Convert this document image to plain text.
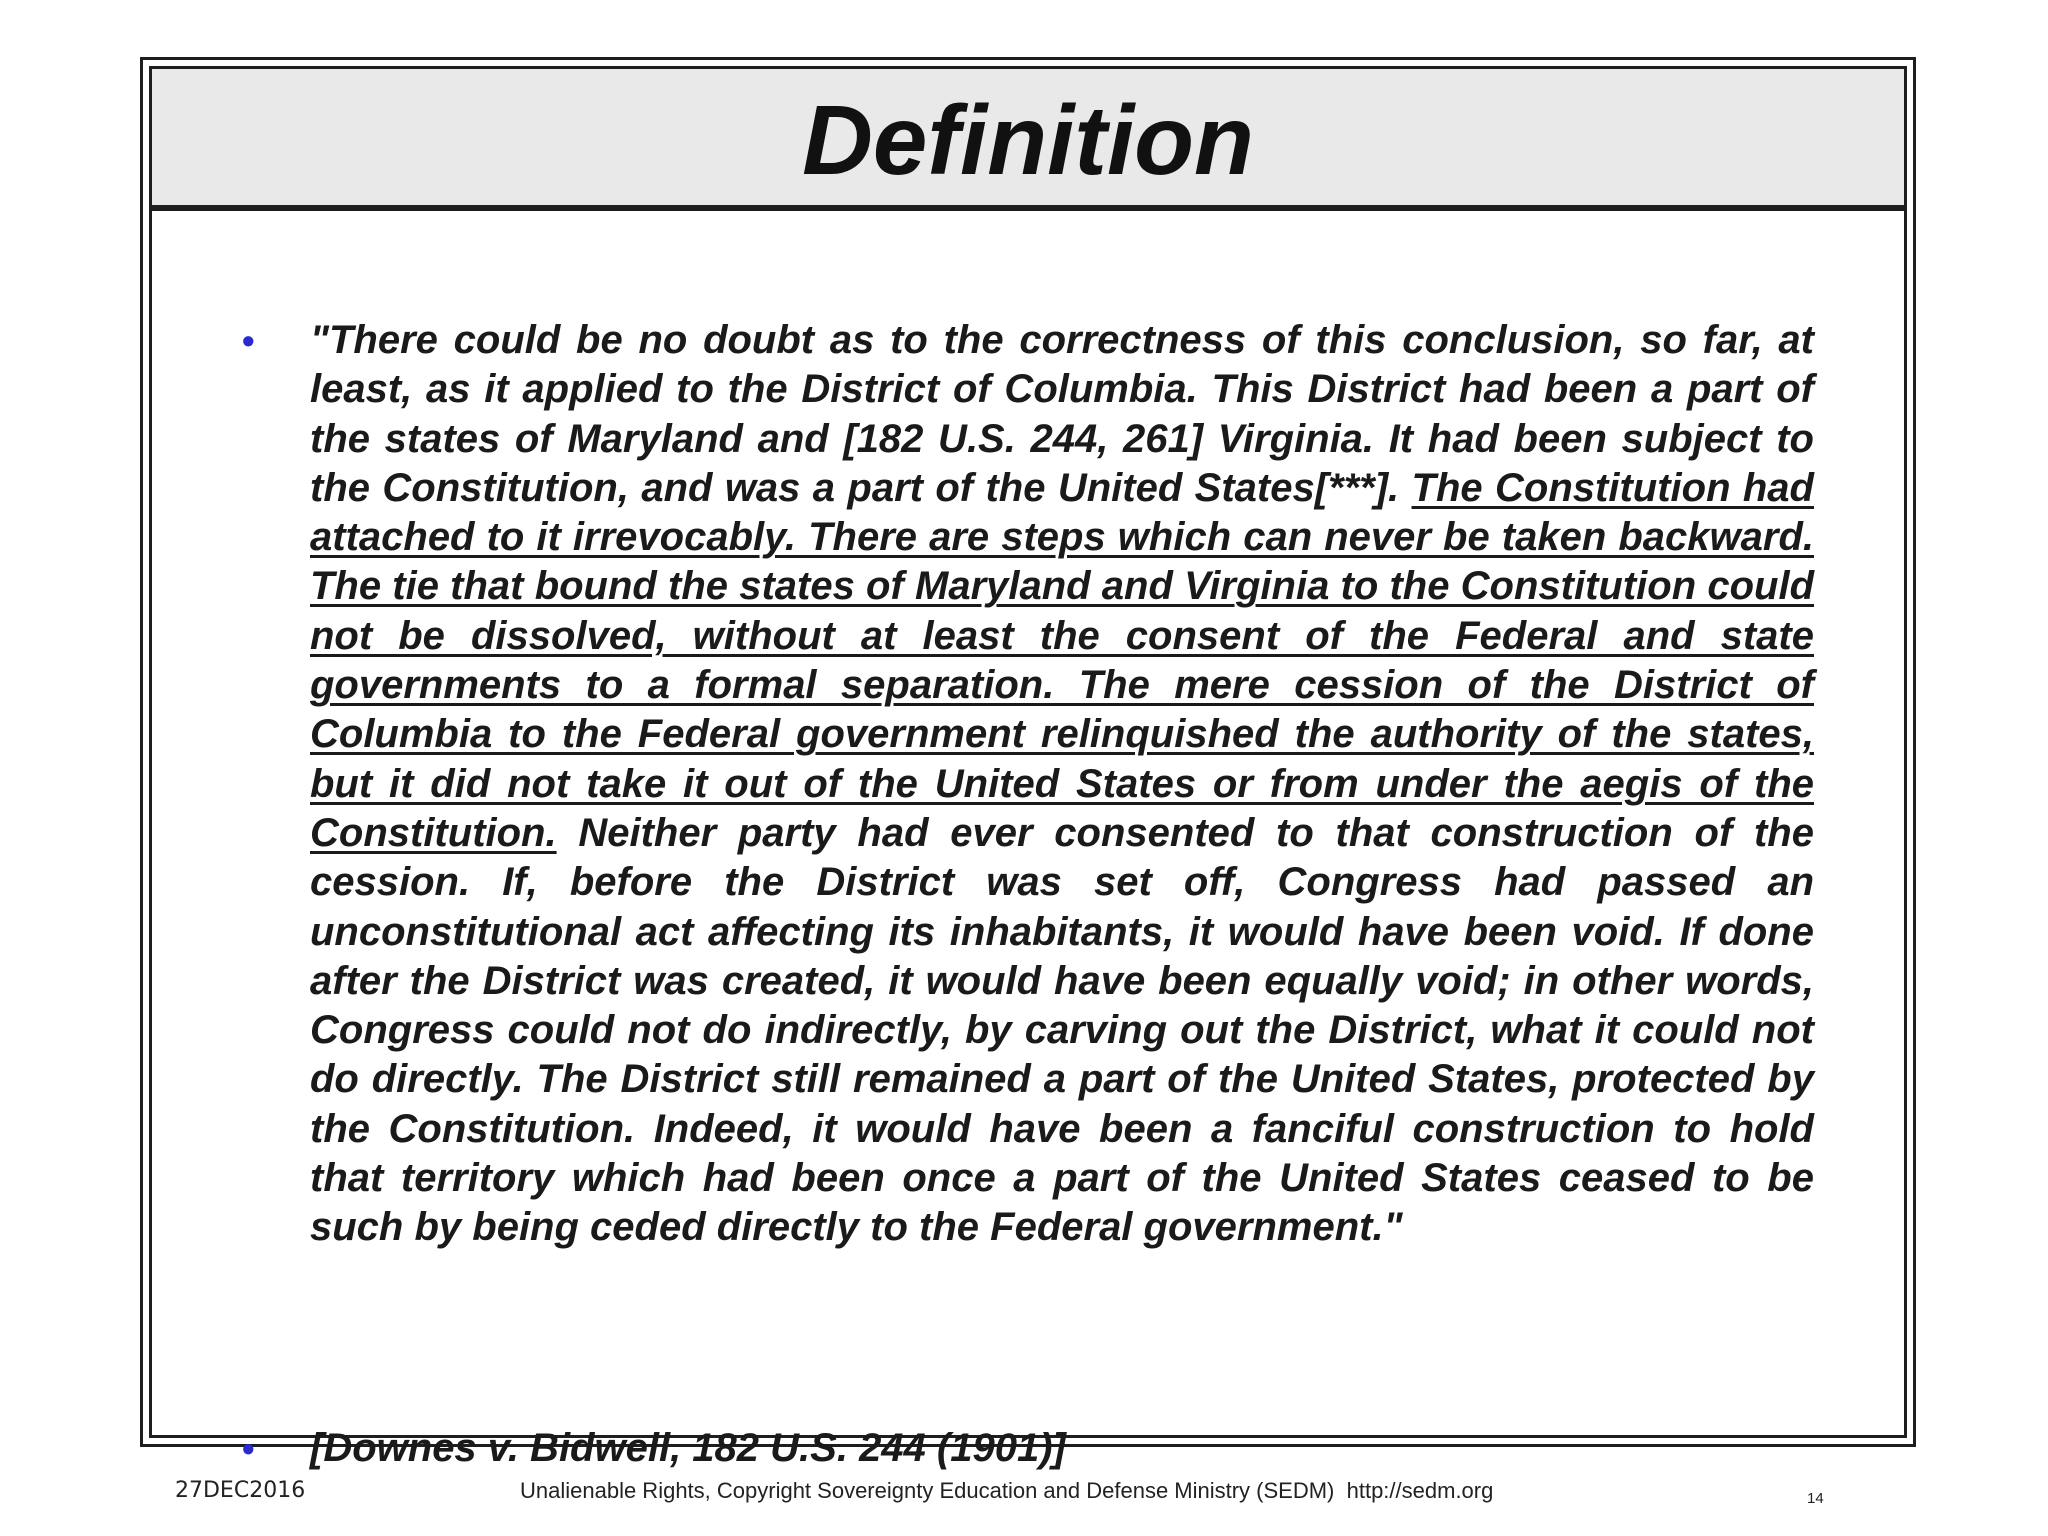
Definition
• "There could be no doubt as to the correctness of this conclusion, so far, at least, as it applied to the District of Columbia. This District had been a part of the states of Maryland and [182 U.S. 244, 261] Virginia. It had been subject to the Constitution, and was a part of the United States[***]. The Constitution had attached to it irrevocably. There are steps which can never be taken backward. The tie that bound the states of Maryland and Virginia to the Constitution could not be dissolved, without at least the consent of the Federal and state governments to a formal separation. The mere cession of the District of Columbia to the Federal government relinquished the authority of the states, but it did not take it out of the United States or from under the aegis of the Constitution. Neither party had ever consented to that construction of the cession. If, before the District was set off, Congress had passed an unconstitutional act affecting its inhabitants, it would have been void. If done after the District was created, it would have been equally void; in other words, Congress could not do indirectly, by carving out the District, what it could not do directly. The District still remained a part of the United States, protected by the Constitution. Indeed, it would have been a fanciful construction to hold that territory which had been once a part of the United States ceased to be such by being ceded directly to the Federal government."

• [Downes v. Bidwell, 182 U.S. 244 (1901)]

27DEC2016	Unalienable Rights, Copyright Sovereignty Education and Defense Ministry (SEDM)  http://sedm.org	14
